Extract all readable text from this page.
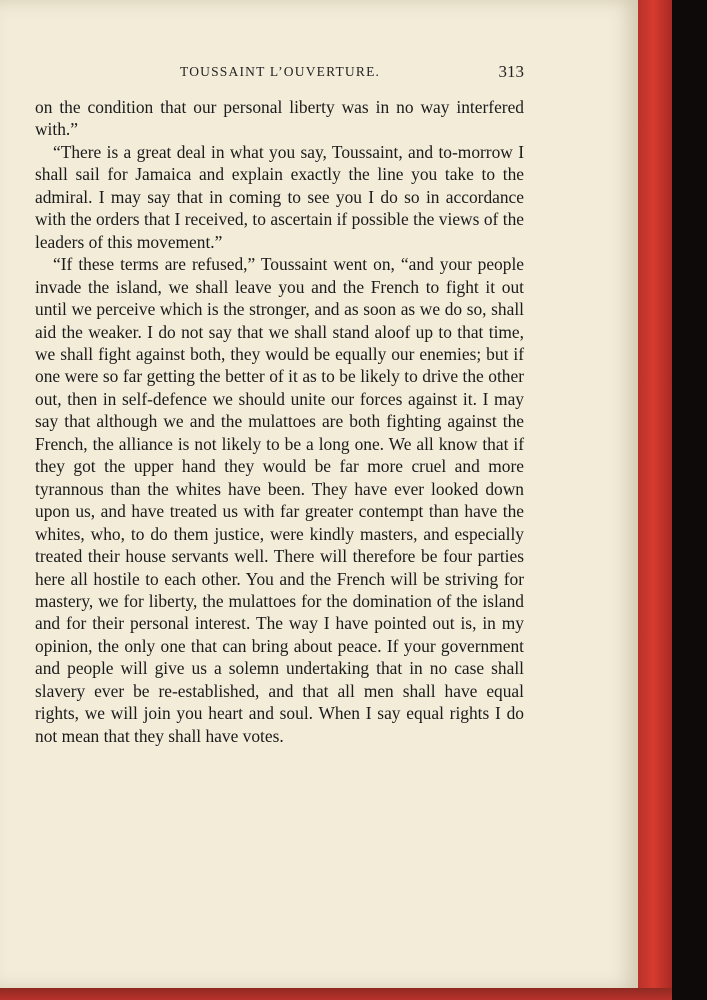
TOUSSAINT L’OUVERTURE.	313

on the condition that our personal liberty was in no way interfered with.”

“There is a great deal in what you say, Toussaint, and to-morrow I shall sail for Jamaica and explain exactly the line you take to the admiral. I may say that in coming to see you I do so in accordance with the orders that I received, to ascertain if possible the views of the leaders of this movement.”

“If these terms are refused,” Toussaint went on, “and your people invade the island, we shall leave you and the French to fight it out until we perceive which is the stronger, and as soon as we do so, shall aid the weaker. I do not say that we shall stand aloof up to that time, we shall fight against both, they would be equally our enemies; but if one were so far getting the better of it as to be likely to drive the other out, then in self-defence we should unite our forces against it. I may say that although we and the mulattoes are both fighting against the French, the alliance is not likely to be a long one. We all know that if they got the upper hand they would be far more cruel and more tyrannous than the whites have been. They have ever looked down upon us, and have treated us with far greater contempt than have the whites, who, to do them justice, were kindly masters, and especially treated their house servants well. There will therefore be four parties here all hostile to each other. You and the French will be striving for mastery, we for liberty, the mulattoes for the domination of the island and for their personal interest. The way I have pointed out is, in my opinion, the only one that can bring about peace. If your government and people will give us a solemn undertaking that in no case shall slavery ever be re-established, and that all men shall have equal rights, we will join you heart and soul. When I say equal rights I do not mean that they shall have votes.
